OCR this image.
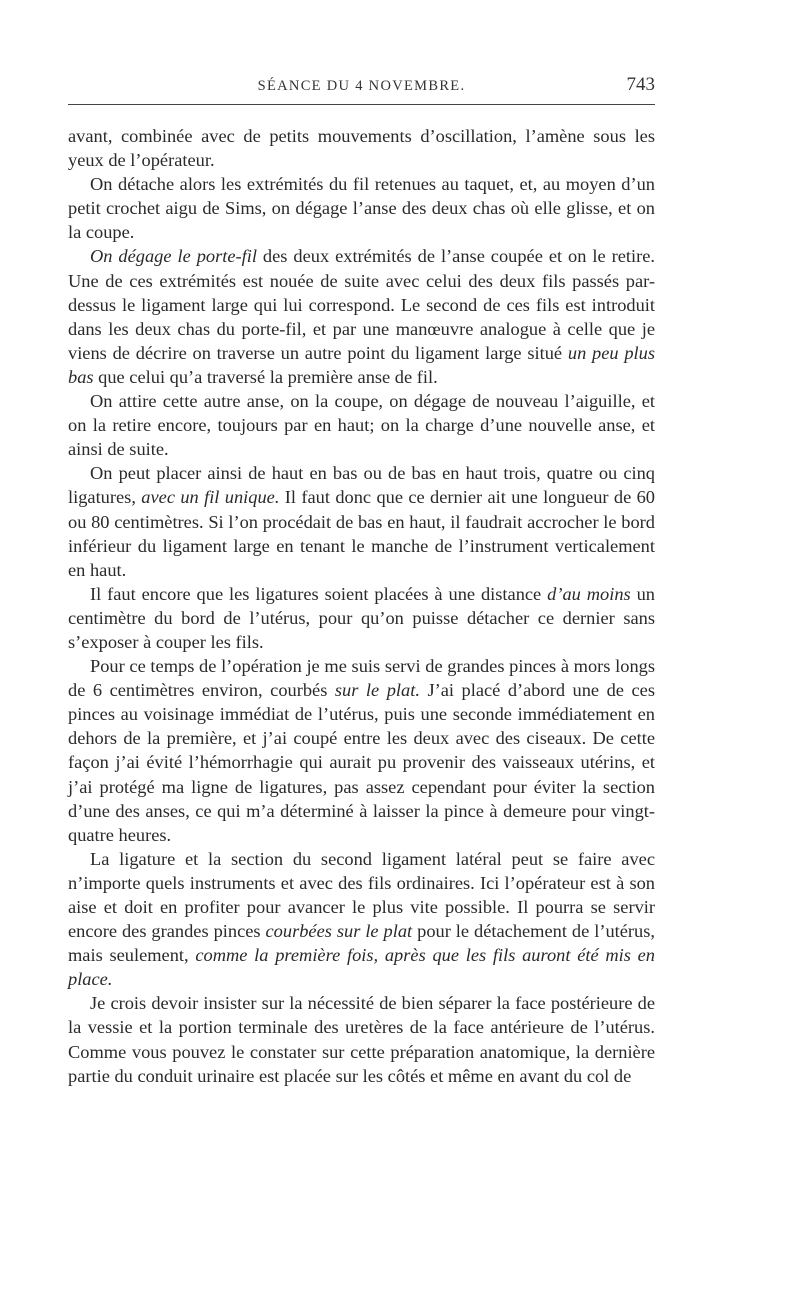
SÉANCE DU 4 NOVEMBRE.	743

avant, combinée avec de petits mouvements d’oscillation, l’amène sous les yeux de l’opérateur.

On détache alors les extrémités du fil retenues au taquet, et, au moyen d’un petit crochet aigu de Sims, on dégage l’anse des deux chas où elle glisse, et on la coupe.

On dégage le porte-fil des deux extrémités de l’anse coupée et on le retire. Une de ces extrémités est nouée de suite avec celui des deux fils passés par-dessus le ligament large qui lui correspond. Le second de ces fils est introduit dans les deux chas du porte-fil, et par une manœuvre analogue à celle que je viens de décrire on traverse un autre point du ligament large situé un peu plus bas que celui qu’a traversé la première anse de fil.

On attire cette autre anse, on la coupe, on dégage de nouveau l’aiguille, et on la retire encore, toujours par en haut; on la charge d’une nouvelle anse, et ainsi de suite.

On peut placer ainsi de haut en bas ou de bas en haut trois, quatre ou cinq ligatures, avec un fil unique. Il faut donc que ce dernier ait une longueur de 60 ou 80 centimètres. Si l’on procédait de bas en haut, il faudrait accrocher le bord inférieur du ligament large en tenant le manche de l’instrument verticalement en haut.

Il faut encore que les ligatures soient placées à une distance d’au moins un centimètre du bord de l’utérus, pour qu’on puisse détacher ce dernier sans s’exposer à couper les fils.

Pour ce temps de l’opération je me suis servi de grandes pinces à mors longs de 6 centimètres environ, courbés sur le plat. J’ai placé d’abord une de ces pinces au voisinage immédiat de l’utérus, puis une seconde immédiatement en dehors de la première, et j’ai coupé entre les deux avec des ciseaux. De cette façon j’ai évité l’hémorrhagie qui aurait pu provenir des vaisseaux utérins, et j’ai protégé ma ligne de ligatures, pas assez cependant pour éviter la section d’une des anses, ce qui m’a déterminé à laisser la pince à demeure pour vingt-quatre heures.

La ligature et la section du second ligament latéral peut se faire avec n’importe quels instruments et avec des fils ordinaires. Ici l’opérateur est à son aise et doit en profiter pour avancer le plus vite possible. Il pourra se servir encore des grandes pinces courbées sur le plat pour le détachement de l’utérus, mais seulement, comme la première fois, après que les fils auront été mis en place.

Je crois devoir insister sur la nécessité de bien séparer la face postérieure de la vessie et la portion terminale des uretères de la face antérieure de l’utérus. Comme vous pouvez le constater sur cette préparation anatomique, la dernière partie du conduit urinaire est placée sur les côtés et même en avant du col de
